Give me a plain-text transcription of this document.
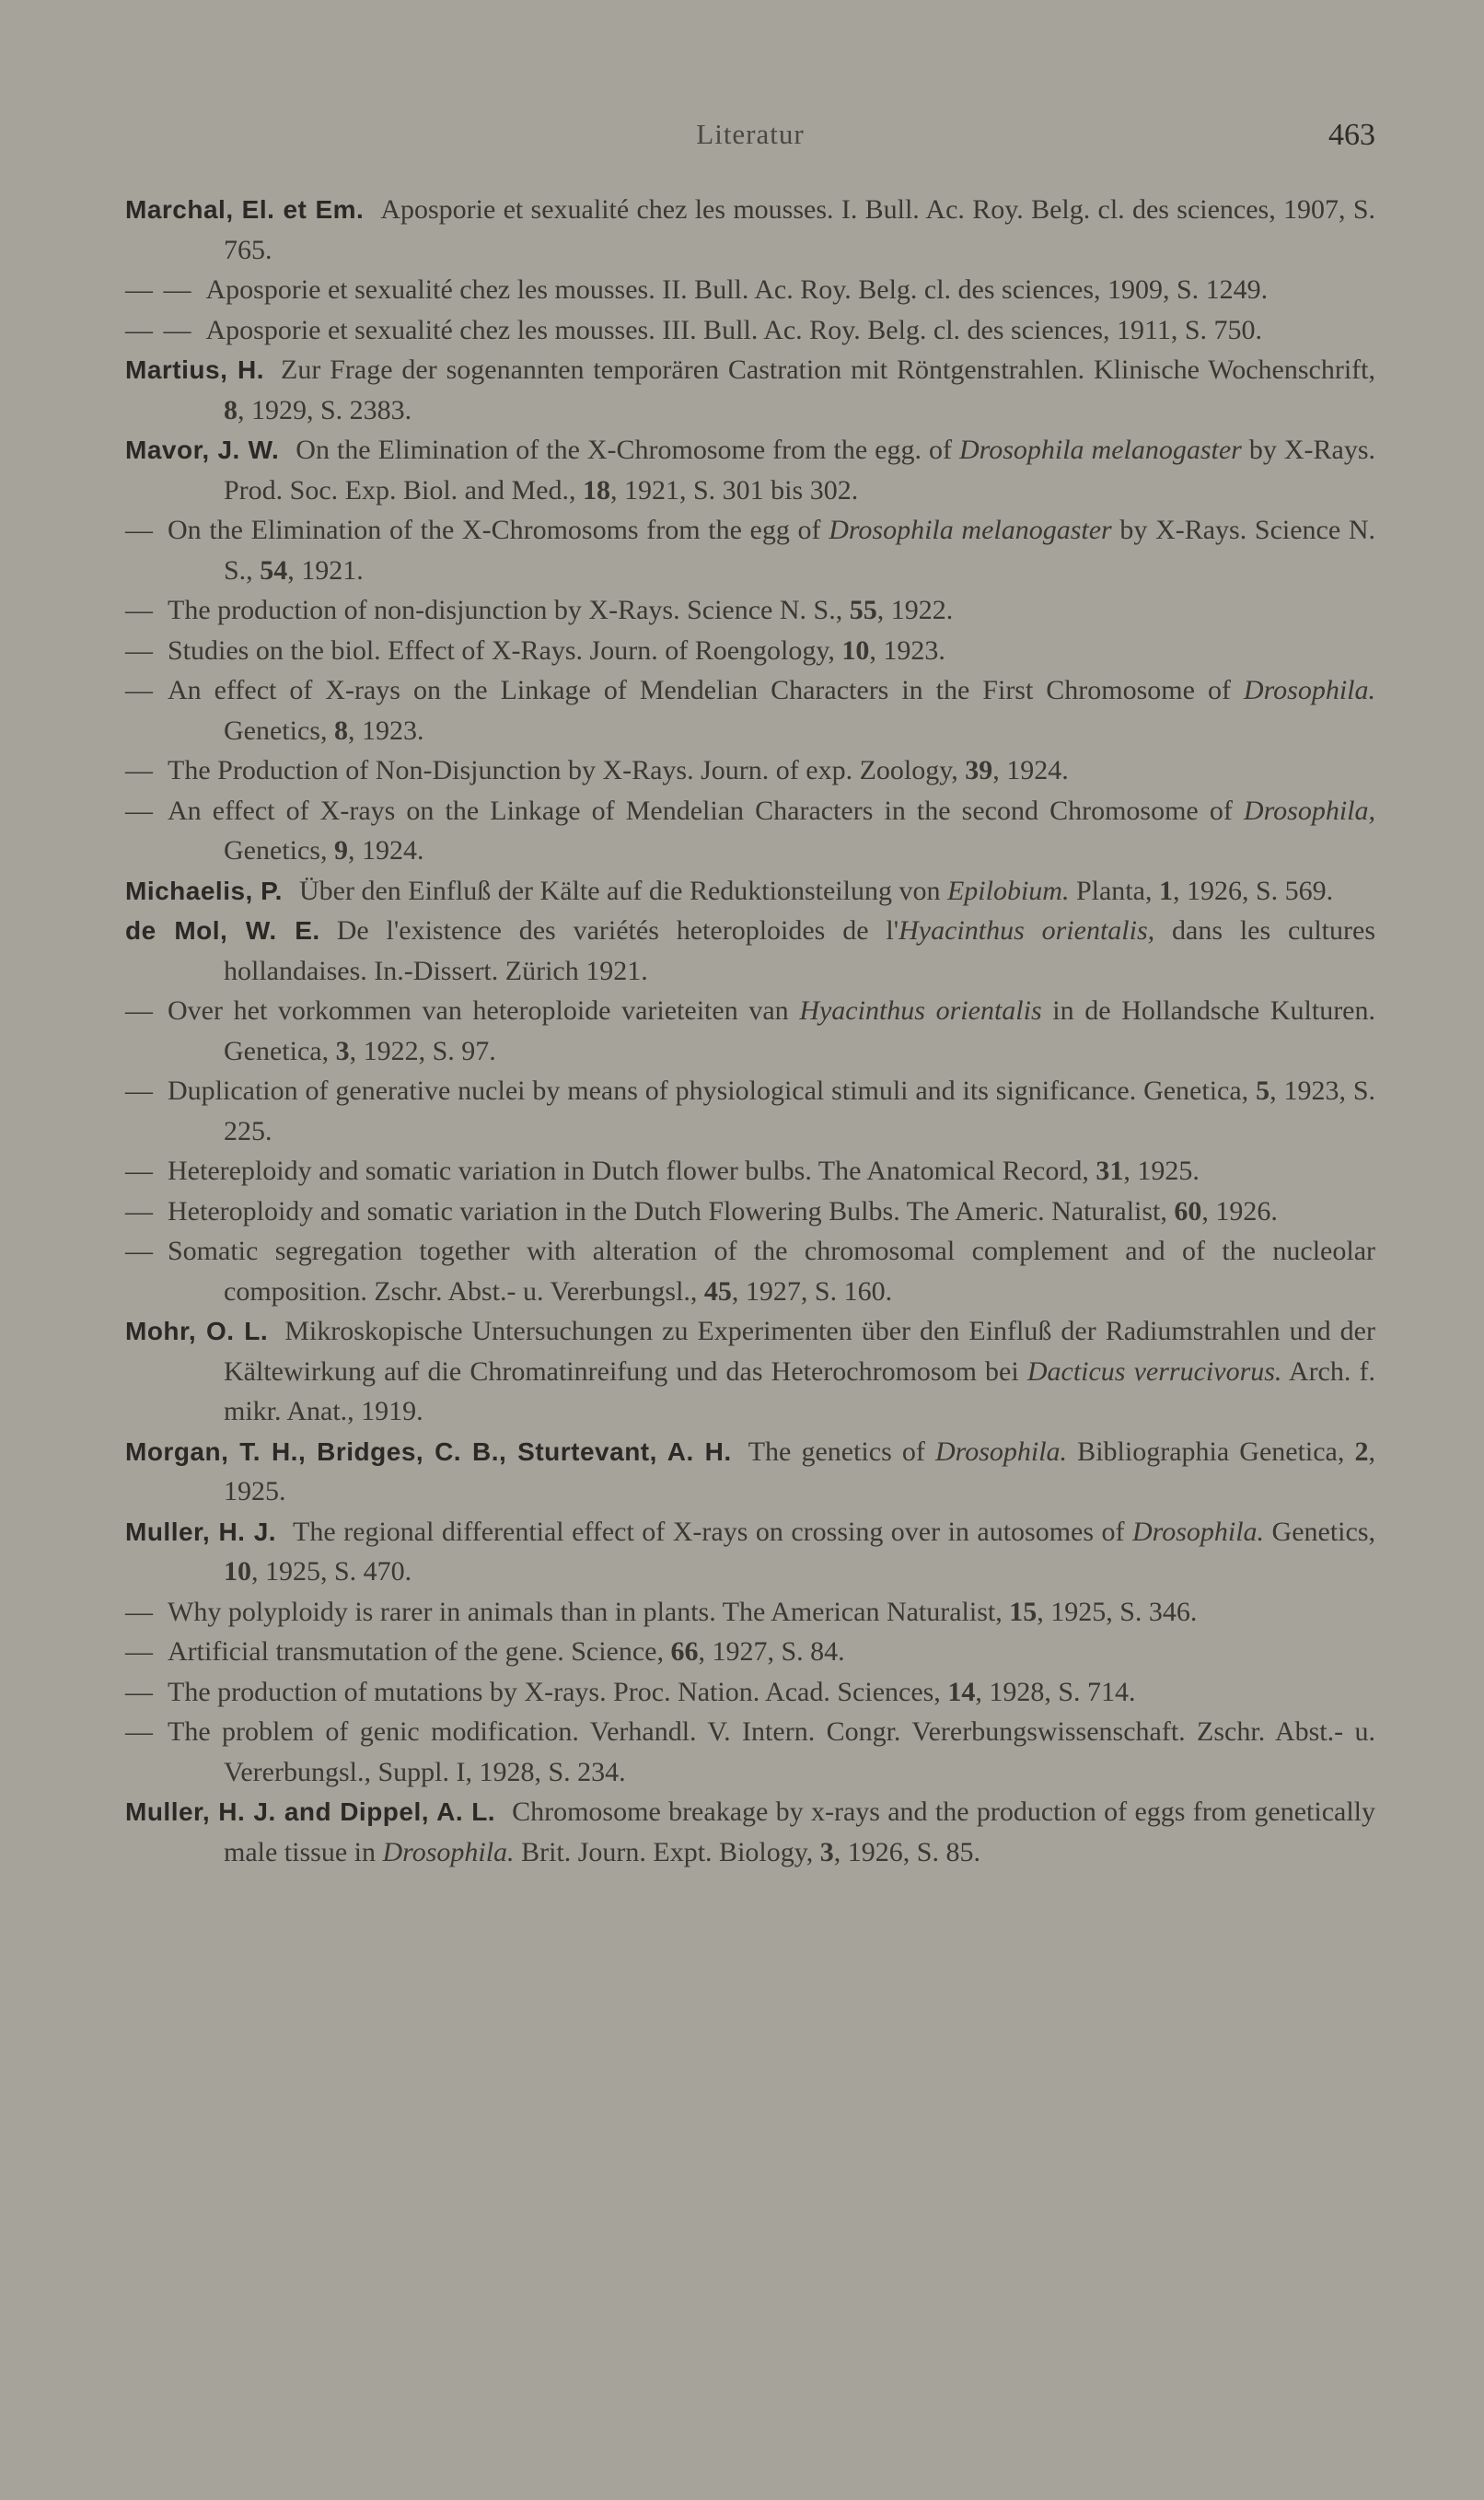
Literatur	463
Marchal, El. et Em. Aposporie et sexualité chez les mousses. I. Bull. Ac. Roy. Belg. cl. des sciences, 1907, S. 765.
— — Aposporie et sexualité chez les mousses. II. Bull. Ac. Roy. Belg. cl. des sciences, 1909, S. 1249.
— — Aposporie et sexualité chez les mousses. III. Bull. Ac. Roy. Belg. cl. des sciences, 1911, S. 750.
Martius, H. Zur Frage der sogenannten temporären Castration mit Röntgenstrahlen. Klinische Wochenschrift, 8, 1929, S. 2383.
Mavor, J. W. On the Elimination of the X-Chromosome from the egg. of Drosophila melanogaster by X-Rays. Prod. Soc. Exp. Biol. and Med., 18, 1921, S. 301 bis 302.
— On the Elimination of the X-Chromosoms from the egg of Drosophila melanogaster by X-Rays. Science N. S., 54, 1921.
— The production of non-disjunction by X-Rays. Science N. S., 55, 1922.
— Studies on the biol. Effect of X-Rays. Journ. of Roengology, 10, 1923.
— An effect of X-rays on the Linkage of Mendelian Characters in the First Chromosome of Drosophila. Genetics, 8, 1923.
— The Production of Non-Disjunction by X-Rays. Journ. of exp. Zoology, 39, 1924.
— An effect of X-rays on the Linkage of Mendelian Characters in the second Chromosome of Drosophila, Genetics, 9, 1924.
Michaelis, P. Über den Einfluß der Kälte auf die Reduktionsteilung von Epilobium. Planta, 1, 1926, S. 569.
de Mol, W. E. De l'existence des variétés heteroploides de l'Hyacinthus orientalis, dans les cultures hollandaises. In.-Dissert. Zürich 1921.
— Over het vorkommen van heteroploide varieteiten van Hyacinthus orientalis in de Hollandsche Kulturen. Genetica, 3, 1922, S. 97.
— Duplication of generative nuclei by means of physiological stimuli and its significance. Genetica, 5, 1923, S. 225.
— Hetereploidy and somatic variation in Dutch flower bulbs. The Anatomical Record, 31, 1925.
— Heteroploidy and somatic variation in the Dutch Flowering Bulbs. The Americ. Naturalist, 60, 1926.
— Somatic segregation together with alteration of the chromosomal complement and of the nucleolar composition. Zschr. Abst.- u. Vererbungsl., 45, 1927, S. 160.
Mohr, O. L. Mikroskopische Untersuchungen zu Experimenten über den Einfluß der Radiumstrahlen und der Kältewirkung auf die Chromatinreifung und das Heterochromosom bei Dacticus verrucivorus. Arch. f. mikr. Anat., 1919.
Morgan, T. H., Bridges, C. B., Sturtevant, A. H. The genetics of Drosophila. Bibliographia Genetica, 2, 1925.
Muller, H. J. The regional differential effect of X-rays on crossing over in autosomes of Drosophila. Genetics, 10, 1925, S. 470.
— Why polyploidy is rarer in animals than in plants. The American Naturalist, 15, 1925, S. 346.
— Artificial transmutation of the gene. Science, 66, 1927, S. 84.
— The production of mutations by X-rays. Proc. Nation. Acad. Sciences, 14, 1928, S. 714.
— The problem of genic modification. Verhandl. V. Intern. Congr. Vererbungswissenschaft. Zschr. Abst.- u. Vererbungsl., Suppl. I, 1928, S. 234.
Muller, H. J. and Dippel, A. L. Chromosome breakage by x-rays and the production of eggs from genetically male tissue in Drosophila. Brit. Journ. Expt. Biology, 3, 1926, S. 85.
